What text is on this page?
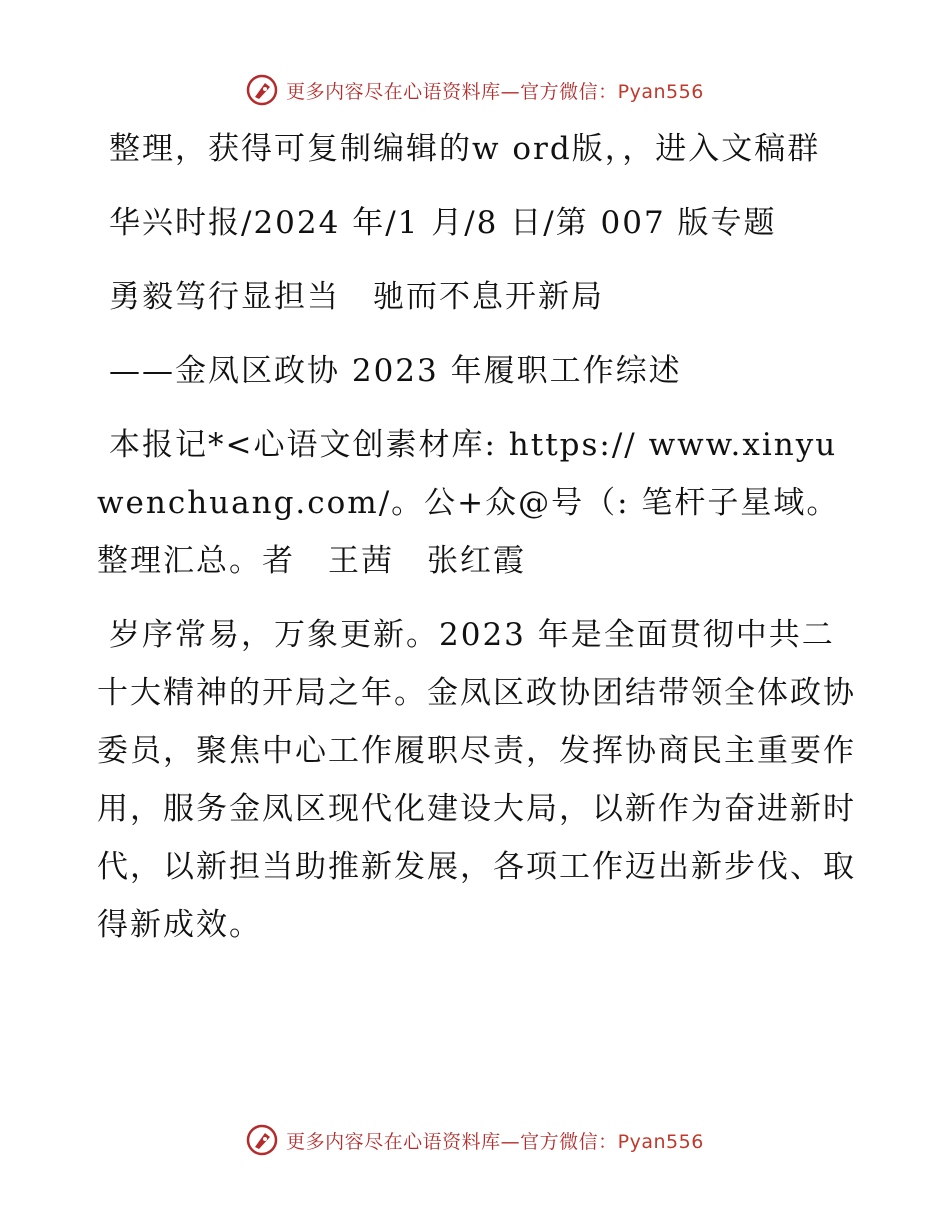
更多内容尽在心语资料库—官方微信：Pyan556

整理，获得可复制编辑的w ord版，，进入文稿群

华兴时报/2024 年/1 月/8 日/第 007 版专题

勇毅笃行显担当　驰而不息开新局

——金凤区政协 2023 年履职工作综述

本报记*<心语文创素材库: https:// www.xinyuwenchuang.com/。公+众@号（: 笔杆子星域。整理汇总。者　王茜　张红霞

岁序常易，万象更新。2023 年是全面贯彻中共二十大精神的开局之年。金凤区政协团结带领全体政协委员，聚焦中心工作履职尽责，发挥协商民主重要作用，服务金凤区现代化建设大局，以新作为奋进新时代，以新担当助推新发展，各项工作迈出新步伐、取得新成效。

更多内容尽在心语资料库—官方微信：Pyan556
